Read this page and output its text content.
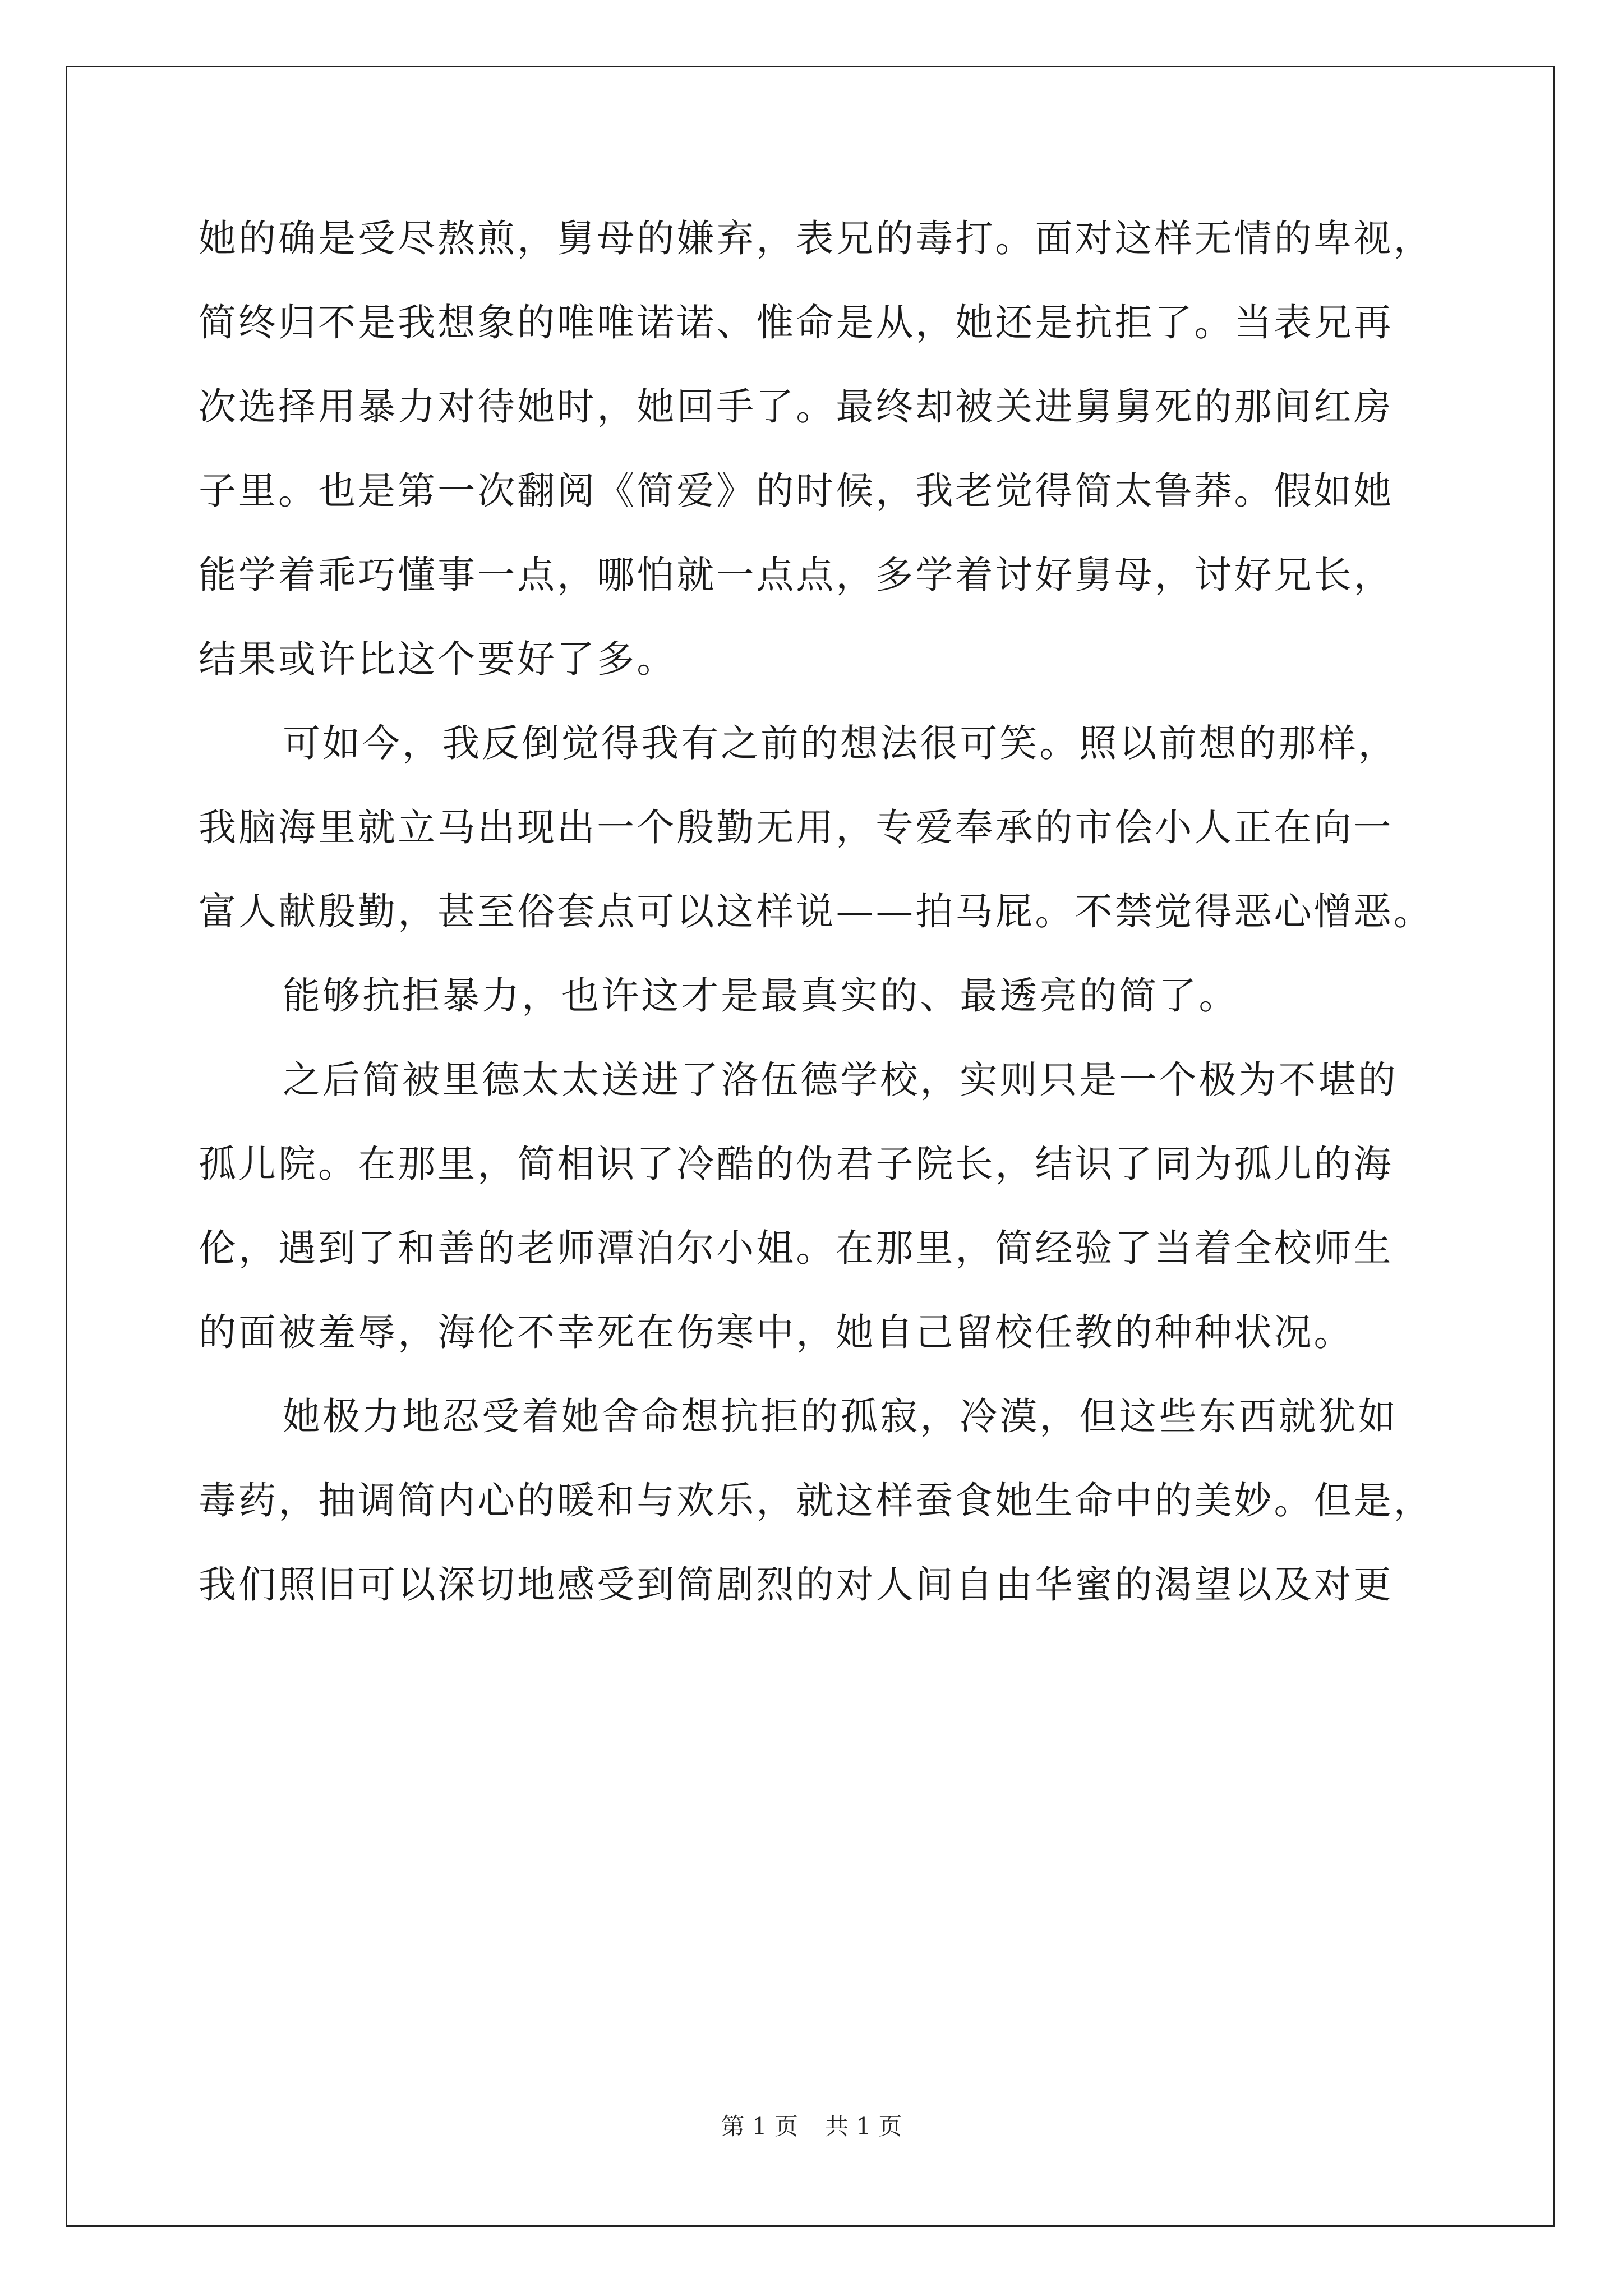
她的确是受尽熬煎，舅母的嫌弃，表兄的毒打。面对这样无情的卑视，
简终归不是我想象的唯唯诺诺、惟命是从，她还是抗拒了。当表兄再
次选择用暴力对待她时，她回手了。最终却被关进舅舅死的那间红房
子里。也是第一次翻阅《简爱》的时候，我老觉得简太鲁莽。假如她
能学着乖巧懂事一点，哪怕就一点点，多学着讨好舅母，讨好兄长，
结果或许比这个要好了多。
可如今，我反倒觉得我有之前的想法很可笑。照以前想的那样，
我脑海里就立马出现出一个殷勤无用，专爱奉承的市侩小人正在向一
富人献殷勤，甚至俗套点可以这样说——拍马屁。不禁觉得恶心憎恶。
能够抗拒暴力，也许这才是最真实的、最透亮的简了。
之后简被里德太太送进了洛伍德学校，实则只是一个极为不堪的
孤儿院。在那里，简相识了冷酷的伪君子院长，结识了同为孤儿的海
伦，遇到了和善的老师潭泊尔小姐。在那里，简经验了当着全校师生
的面被羞辱，海伦不幸死在伤寒中，她自己留校任教的种种状况。
她极力地忍受着她舍命想抗拒的孤寂，冷漠，但这些东西就犹如
毒药，抽调简内心的暖和与欢乐，就这样蚕食她生命中的美妙。但是，
我们照旧可以深切地感受到简剧烈的对人间自由华蜜的渴望以及对更
第 1 页 共 1 页
